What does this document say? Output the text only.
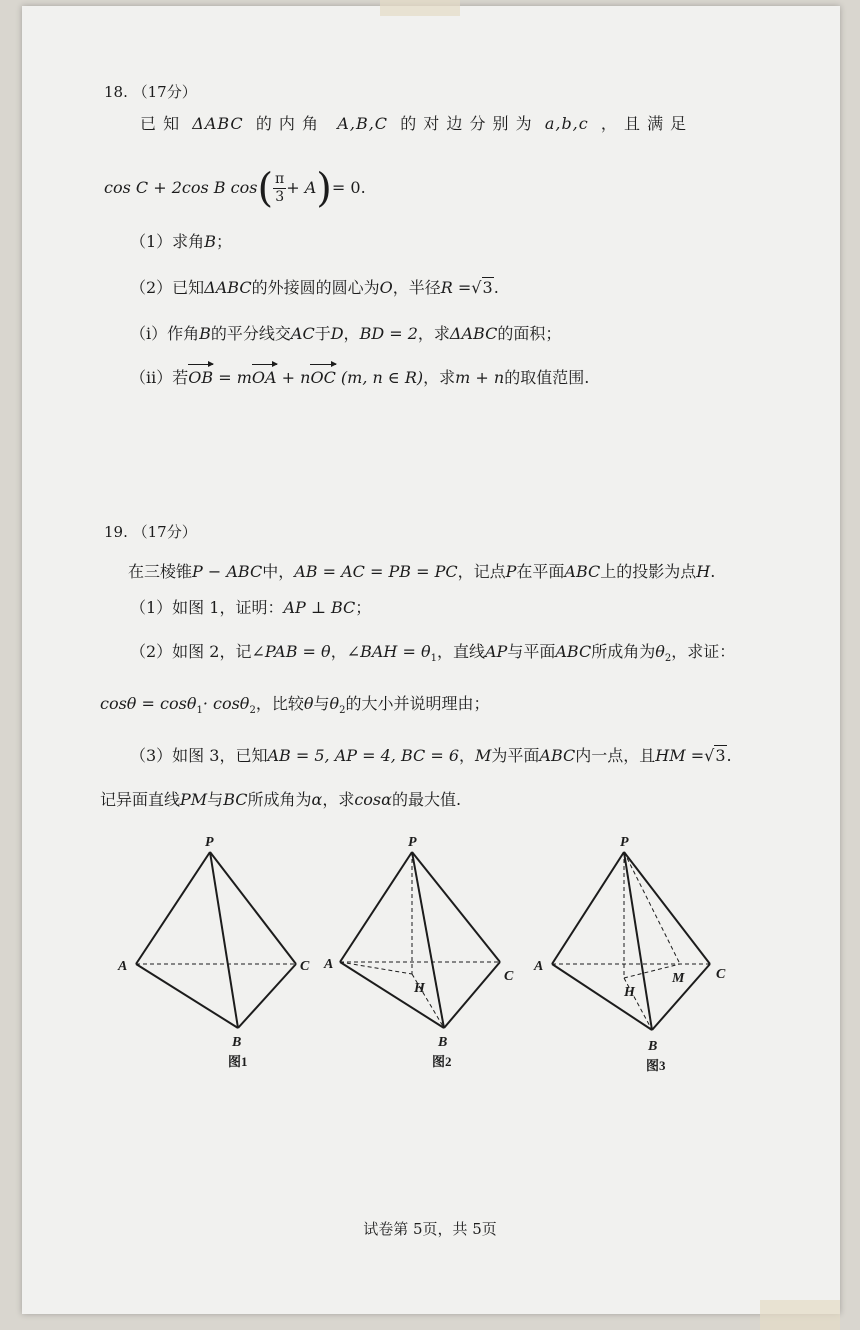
18. （17分）
已 知 ΔABC 的 内 角 A,B,C 的 对 边 分 别 为 a,b,c ， 且 满 足
cos C + 2cos B $\cos( \frac{\pi}{3} + A)= 0$.
（1）求角B；
（2）已知ΔABC的外接圆的圆心为O，半径R =√3.
（i）作角B的平分线交AC于D，BD = 2，求ΔABC的面积；
（ii）若OB = mOA + nOC (m, n ∈ R)，求m + n的取值范围.
19. （17分）
在三棱锥P − ABC中，AB = AC = PB = PC，记点P在平面ABC上的投影为点H.
（1）如图 1，证明：AP ⊥ BC；
（2）如图 2，记∠PAB = θ，∠BAH = $\theta_1$，直线AP与平面ABC所成角为$\theta_2$，求证：
cosθ = cosθ$_1$· cosθ$_2$，比较θ与$\theta_2$的大小并说明理由；
（3）如图 3，已知AB = 5, AP = 4, BC = 6，M为平面ABC内一点，且HM =√3.
记异面直线PM与BC所成角为α，求cosα的最大值.
P
A
B
C
图1
P
A
B
C
H
图2
P
A
B
C
H
M
图3
试卷第 5页，共 5页
